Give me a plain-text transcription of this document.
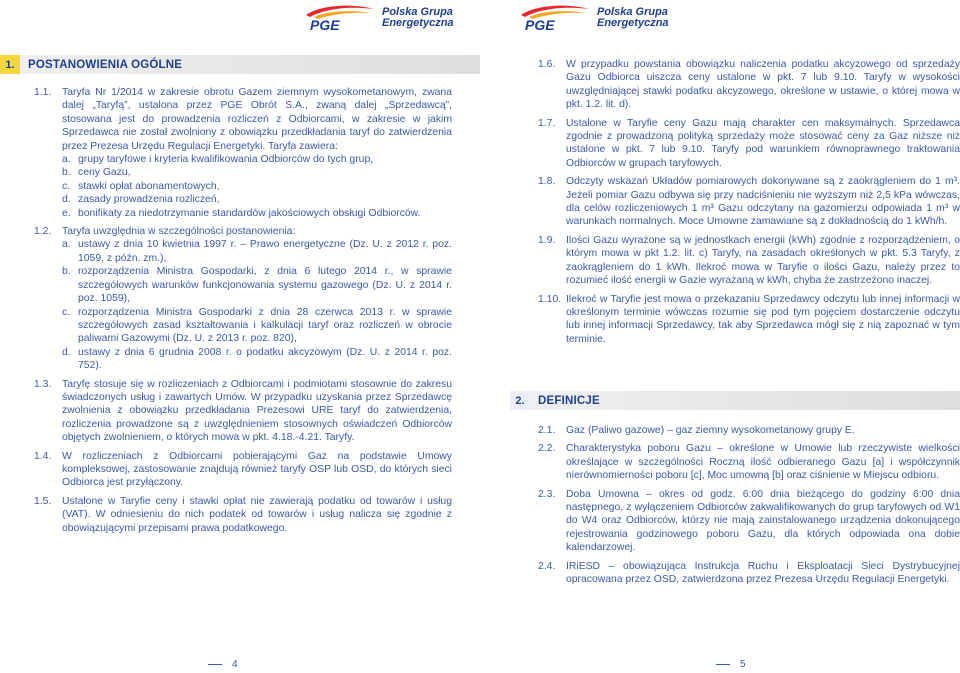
PGE
Polska Grupa
Energetyczna
1.	POSTANOWIENIA OGÓLNE
1.1. Taryfa Nr 1/2014 w zakresie obrotu Gazem ziemnym wysokometanowym, zwana dalej „Taryfą”, ustalona przez PGE Obrót S.A., zwaną dalej „Sprzedawcą”, stosowana jest do prowadzenia rozliczeń z Odbiorcami, w zakresie w jakim Sprzedawca nie został zwolniony z obowiązku przedkładania taryf do zatwierdzenia przez Prezesa Urzędu Regulacji Energetyki. Taryfa zawiera:
a. grupy taryfowe i kryteria kwalifikowania Odbiorców do tych grup,
b. ceny Gazu,
c. stawki opłat abonamentowych,
d. zasady prowadzenia rozliczeń,
e. bonifikaty za niedotrzymanie standardów jakościowych obsługi Odbiorców.
1.2. Taryfa uwzględnia w szczególności postanowienia:
a. ustawy z dnia 10 kwietnia 1997 r. ‒ Prawo energetyczne (Dz. U. z 2012 r. poz. 1059, z późn. zm.),
b. rozporządzenia Ministra Gospodarki, z dnia 6 lutego 2014 r., w sprawie szczegółowych warunków funkcjonowania systemu gazowego (Dz. U. z 2014 r. poz. 1059),
c. rozporządzenia Ministra Gospodarki z dnia 28 czerwca 2013 r. w sprawie szczegółowych zasad kształtowania i kalkulacji taryf oraz rozliczeń w obrocie paliwami Gazowymi (Dz. U. z 2013 r. poz. 820),
d. ustawy z dnia 6 grudnia 2008 r. o podatku akcyzowym (Dz. U. z 2014 r. poz. 752).
1.3. Taryfę stosuje się w rozliczeniach z Odbiorcami i podmiotami stosownie do zakresu świadczonych usług i zawartych Umów. W przypadku uzyskania przez Sprzedawcę zwolnienia z obowiązku przedkładania Prezesowi URE taryf do zatwierdzenia, rozliczenia prowadzone są z uwzględnieniem stosownych oświadczeń Odbiorców objętych zwolnieniem, o których mowa w pkt. 4.18.-4.21. Taryfy.
1.4. W rozliczeniach z Odbiorcami pobierającymi Gaz na podstawie Umowy kompleksowej, zastosowanie znajdują również taryfy OSP lub OSD, do których sieci Odbiorca jest przyłączony.
1.5. Ustalone w Taryfie ceny i stawki opłat nie zawierają podatku od towarów i usług (VAT). W odniesieniu do nich podatek od towarów i usług nalicza się zgodnie z obowiązującymi przepisami prawa podatkowego.
4
PGE
Polska Grupa
Energetyczna
1.6. W przypadku powstania obowiązku naliczenia podatku akcyzowego od sprzedaży Gazu Odbiorca uiszcza ceny ustalone w pkt. 7 lub 9.10. Taryfy w wysokości uwzględniającej stawki podatku akcyzowego, określone w ustawie, o której mowa w pkt. 1.2. lit. d).
1.7. Ustalone w Taryfie ceny Gazu mają charakter cen maksymalnych. Sprzedawca zgodnie z prowadzoną polityką sprzedaży może stosować ceny za Gaz niższe niż ustalone w pkt. 7 lub 9.10. Taryfy pod warunkiem równoprawnego traktowania Odbiorców w grupach taryfowych.
1.8. Odczyty wskazań Układów pomiarowych dokonywane są z zaokrągleniem do 1 m³. Jeżeli pomiar Gazu odbywa się przy nadciśnieniu nie wyższym niż 2,5 kPa wówczas, dla celów rozliczeniowych 1 m³ Gazu odczytany na gazomierzu odpowiada 1 m³ w warunkach normalnych. Moce Umowne zamawiane są z dokładnością do 1 kWh/h.
1.9. Ilości Gazu wyrażone są w jednostkach energii (kWh) zgodnie z rozporządzeniem, o którym mowa w pkt 1.2. lit. c) Taryfy, na zasadach określonych w pkt. 5.3 Taryfy, z zaokrągleniem do 1 kWh. Ilekroć mowa w Taryfie o ilości Gazu, należy przez to rozumieć ilość energii w Gazie wyrażaną w kWh, chyba że zastrzeżono inaczej.
1.10. Ilekroć w Taryfie jest mowa o przekazaniu Sprzedawcy odczytu lub innej informacji w określonym terminie wówczas rozumie się pod tym pojęciem dostarczenie odczytu lub innej informacji Sprzedawcy, tak aby Sprzedawca mógł się z nią zapoznać w tym terminie.
2.	DEFINICJE
2.1. Gaz (Paliwo gazowe) ‒ gaz ziemny wysokometanowy grupy E.
2.2. Charakterystyka poboru Gazu ‒ określone w Umowie lub rzeczywiste wielkości określające w szczególności Roczną ilość odbieranego Gazu [a] i współczynnik nierównomierności poboru [c], Moc umowną [b] oraz ciśnienie w Miejscu odbioru.
2.3. Doba Umowna ‒ okres od godz. 6:00 dnia bieżącego do godziny 6:00 dnia następnego, z wyłączeniem Odbiorców zakwalifikowanych do grup taryfowych od W1 do W4 oraz Odbiorców, którzy nie mają zainstalowanego urządzenia dokonującego rejestrowania godzinowego poboru Gazu, dla których odpowiada ona dobie kalendarzowej.
2.4. IRiESD ‒ obowiązująca Instrukcja Ruchu i Eksploatacji Sieci Dystrybucyjnej opracowana przez OSD, zatwierdzona przez Prezesa Urzędu Regulacji Energetyki.
5
